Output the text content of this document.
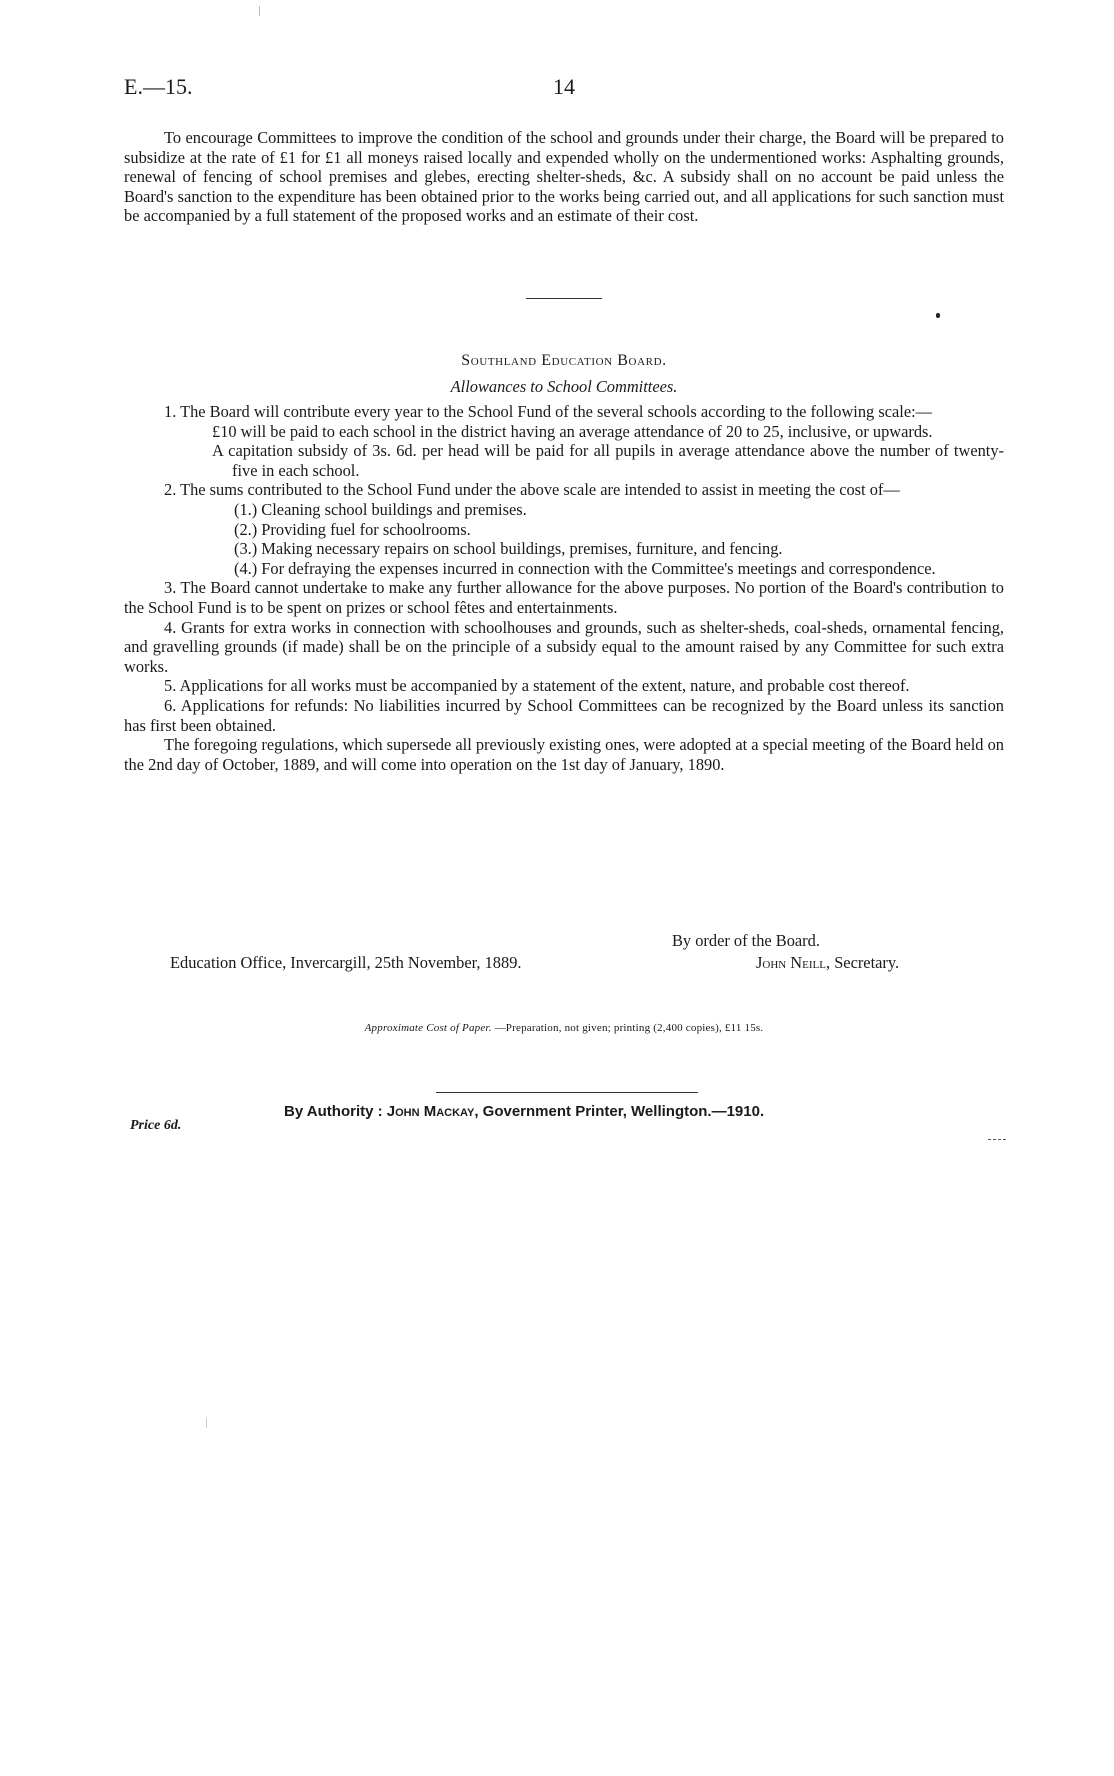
E.—15.	14

To encourage Committees to improve the condition of the school and grounds under their charge, the Board will be prepared to subsidize at the rate of £1 for £1 all moneys raised locally and expended wholly on the undermentioned works: Asphalting grounds, renewal of fencing of school premises and glebes, erecting shelter-sheds, &c. A subsidy shall on no account be paid unless the Board's sanction to the expenditure has been obtained prior to the works being carried out, and all applications for such sanction must be accompanied by a full statement of the proposed works and an estimate of their cost.

Southland Education Board.
Allowances to School Committees.

1. The Board will contribute every year to the School Fund of the several schools according to the following scale:—

£10 will be paid to each school in the district having an average attendance of 20 to 25, inclusive, or upwards.

A capitation subsidy of 3s. 6d. per head will be paid for all pupils in average attendance above the number of twenty-five in each school.

2. The sums contributed to the School Fund under the above scale are intended to assist in meeting the cost of—

(1.) Cleaning school buildings and premises.

(2.) Providing fuel for schoolrooms.

(3.) Making necessary repairs on school buildings, premises, furniture, and fencing.

(4.) For defraying the expenses incurred in connection with the Committee's meetings and correspondence.

3. The Board cannot undertake to make any further allowance for the above purposes. No portion of the Board's contribution to the School Fund is to be spent on prizes or school fêtes and entertainments.

4. Grants for extra works in connection with schoolhouses and grounds, such as shelter-sheds, coal-sheds, ornamental fencing, and gravelling grounds (if made) shall be on the principle of a subsidy equal to the amount raised by any Committee for such extra works.

5. Applications for all works must be accompanied by a statement of the extent, nature, and probable cost thereof.

6. Applications for refunds: No liabilities incurred by School Committees can be recognized by the Board unless its sanction has first been obtained.

The foregoing regulations, which supersede all previously existing ones, were adopted at a special meeting of the Board held on the 2nd day of October, 1889, and will come into operation on the 1st day of January, 1890.

By order of the Board.
Education Office, Invercargill, 25th November, 1889.	John Neill, Secretary.
Approximate Cost of Paper. —Preparation, not given; printing (2,400 copies), £11 15s.
By Authority : John Mackay, Government Printer, Wellington.—1910.
Price 6d.
